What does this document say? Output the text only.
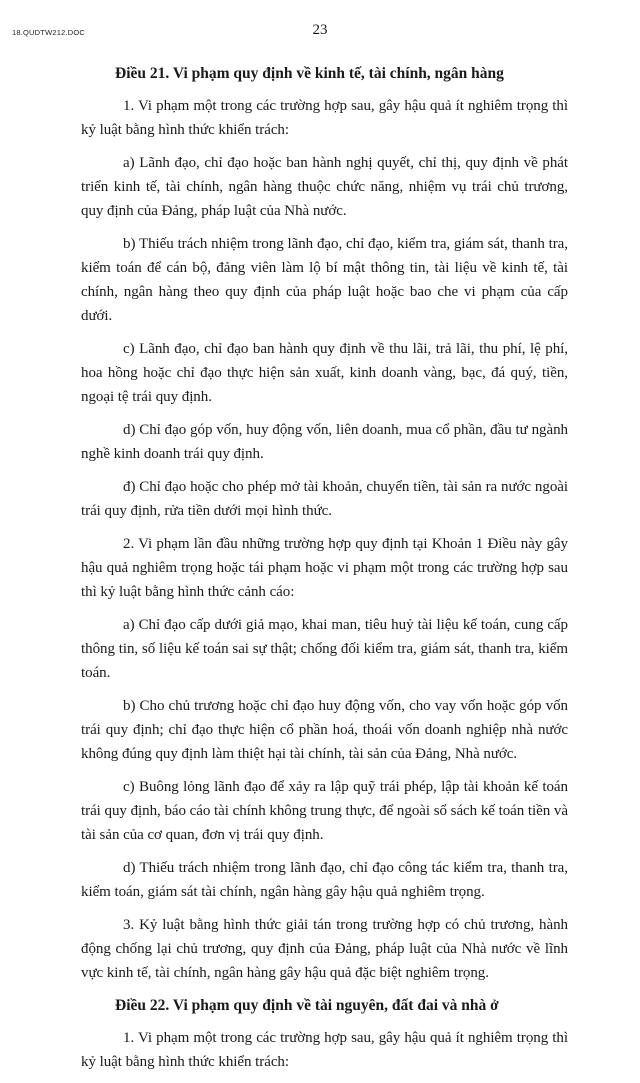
18.QUDTW212.DOC	23
Điều 21. Vi phạm quy định về kinh tế, tài chính, ngân hàng

1. Vi phạm một trong các trường hợp sau, gây hậu quả ít nghiêm trọng thì kỷ luật bằng hình thức khiển trách:

a) Lãnh đạo, chỉ đạo hoặc ban hành nghị quyết, chỉ thị, quy định về phát triển kinh tế, tài chính, ngân hàng thuộc chức năng, nhiệm vụ trái chủ trương, quy định của Đảng, pháp luật của Nhà nước.

b) Thiếu trách nhiệm trong lãnh đạo, chỉ đạo, kiểm tra, giám sát, thanh tra, kiểm toán để cán bộ, đảng viên làm lộ bí mật thông tin, tài liệu về kinh tế, tài chính, ngân hàng theo quy định của pháp luật hoặc bao che vi phạm của cấp dưới.

c) Lãnh đạo, chỉ đạo ban hành quy định về thu lãi, trả lãi, thu phí, lệ phí, hoa hồng hoặc chỉ đạo thực hiện sản xuất, kinh doanh vàng, bạc, đá quý, tiền, ngoại tệ trái quy định.

d) Chỉ đạo góp vốn, huy động vốn, liên doanh, mua cổ phần, đầu tư ngành nghề kinh doanh trái quy định.

đ) Chỉ đạo hoặc cho phép mở tài khoản, chuyển tiền, tài sản ra nước ngoài trái quy định, rửa tiền dưới mọi hình thức.

2. Vi phạm lần đầu những trường hợp quy định tại Khoản 1 Điều này gây hậu quả nghiêm trọng hoặc tái phạm hoặc vi phạm một trong các trường hợp sau thì kỷ luật bằng hình thức cảnh cáo:

a) Chỉ đạo cấp dưới giả mạo, khai man, tiêu huỷ tài liệu kế toán, cung cấp thông tin, số liệu kế toán sai sự thật; chống đối kiểm tra, giám sát, thanh tra, kiểm toán.

b) Cho chủ trương hoặc chỉ đạo huy động vốn, cho vay vốn hoặc góp vốn trái quy định; chỉ đạo thực hiện cổ phần hoá, thoái vốn doanh nghiệp nhà nước không đúng quy định làm thiệt hại tài chính, tài sản của Đảng, Nhà nước.

c) Buông lỏng lãnh đạo để xảy ra lập quỹ trái phép, lập tài khoản kế toán trái quy định, báo cáo tài chính không trung thực, để ngoài sổ sách kế toán tiền và tài sản của cơ quan, đơn vị trái quy định.

d) Thiếu trách nhiệm trong lãnh đạo, chỉ đạo công tác kiểm tra, thanh tra, kiểm toán, giám sát tài chính, ngân hàng gây hậu quả nghiêm trọng.

3. Kỷ luật bằng hình thức giải tán trong trường hợp có chủ trương, hành động chống lại chủ trương, quy định của Đảng, pháp luật của Nhà nước về lĩnh vực kinh tế, tài chính, ngân hàng gây hậu quả đặc biệt nghiêm trọng.

Điều 22. Vi phạm quy định về tài nguyên, đất đai và nhà ở

1. Vi phạm một trong các trường hợp sau, gây hậu quả ít nghiêm trọng thì kỷ luật bằng hình thức khiển trách:
